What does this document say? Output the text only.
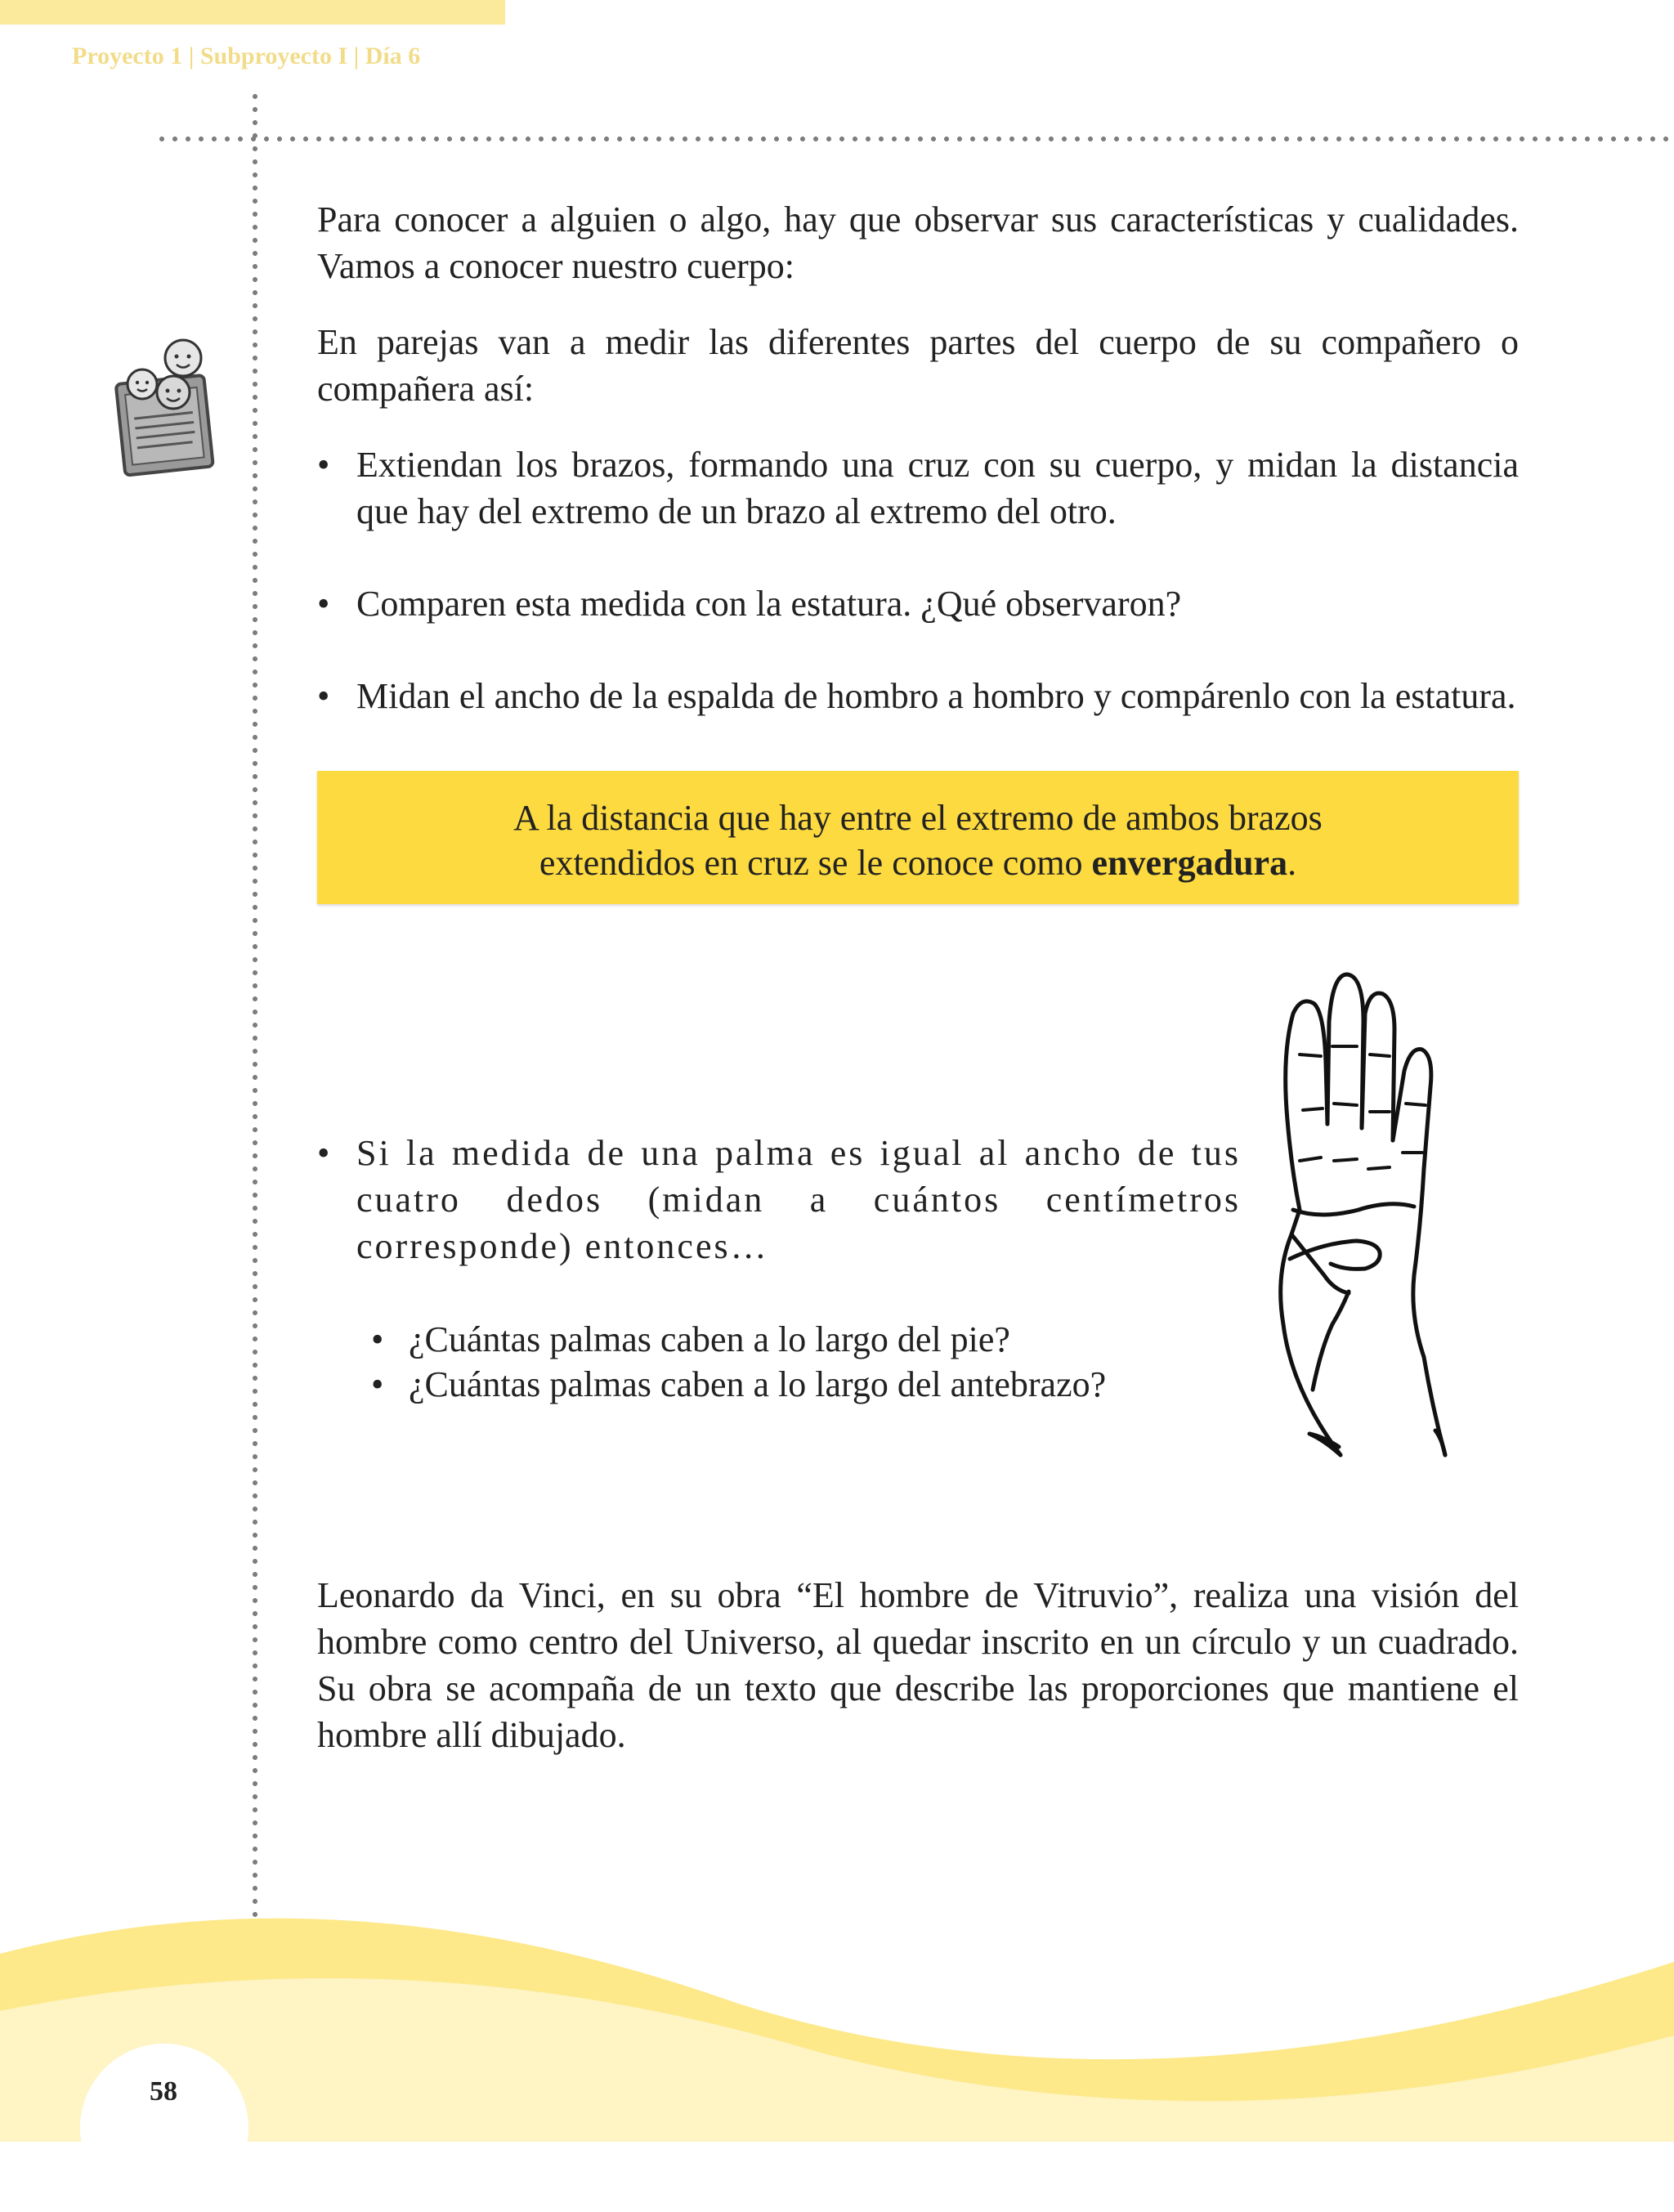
Proyecto 1 | Subproyecto I | Día 6
Para conocer a alguien o algo, hay que observar sus características y cualidades. Vamos a conocer nuestro cuerpo:
En parejas van a medir las diferentes partes del cuerpo de su compañero o compañera así:
• Extiendan los brazos, formando una cruz con su cuerpo, y midan la distancia que hay del extremo de un brazo al extremo del otro.
• Comparen esta medida con la estatura. ¿Qué observaron?
• Midan el ancho de la espalda de hombro a hombro y compárenlo con la estatura.
A la distancia que hay entre el extremo de ambos brazos
extendidos en cruz se le conoce como envergadura.
• Si la medida de una palma es igual al ancho de tus cuatro dedos (midan a cuántos centímetros corresponde) entonces…
• ¿Cuántas palmas caben a lo largo del pie?
• ¿Cuántas palmas caben a lo largo del antebrazo?
Leonardo da Vinci, en su obra “El hombre de Vitruvio”, realiza una visión del hombre como centro del Universo, al quedar inscrito en un círculo y un cuadrado. Su obra se acompaña de un texto que describe las proporciones que mantiene el hombre allí dibujado.
58
